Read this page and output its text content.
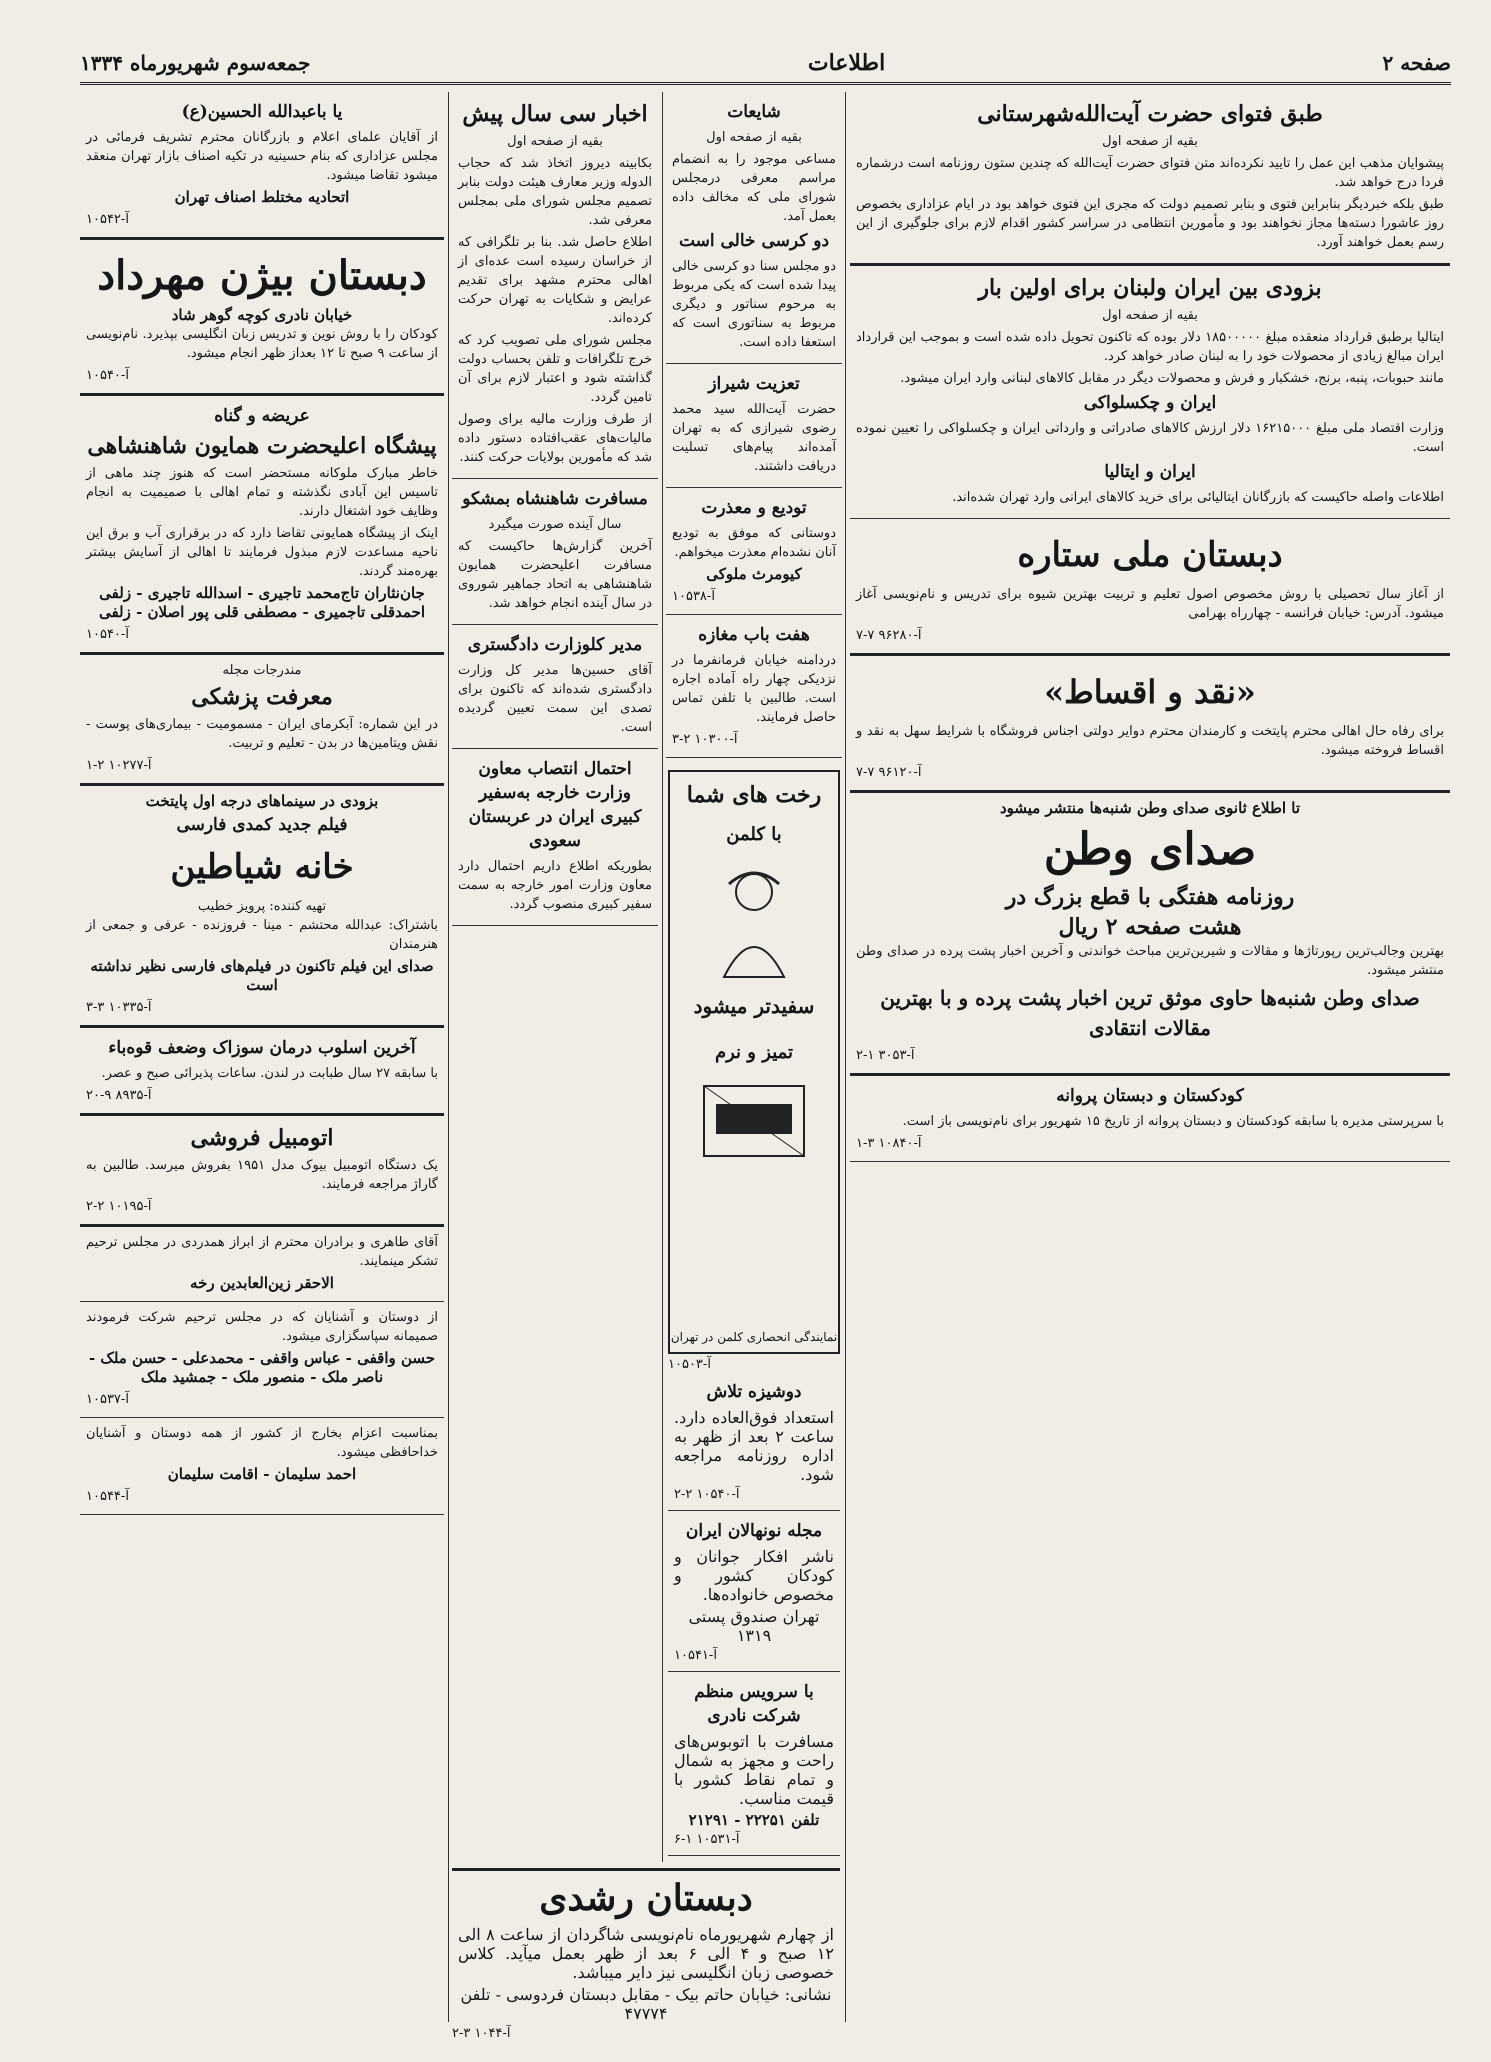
صفحه ۲
اطلاعات
جمعه‌سوم شهریورماه ۱۳۳۴
طبق فتوای حضرت آیت‌الله‌شهرستانی
بقیه از صفحه اول

پیشوایان مذهب این عمل را تایید نکرده‌اند متن فتوای حضرت آیت‌الله که چندین ستون روزنامه است درشماره فردا درج خواهد شد.

طبق بلکه خبردیگر بنابراین فتوی و بنابر تصمیم دولت که مجری این فتوی خواهد بود در ایام عزاداری بخصوص روز عاشورا دسته‌ها مجاز نخواهند بود و مأمورین انتظامی در سراسر کشور اقدام لازم برای جلوگیری از این رسم بعمل خواهند آورد.

بزودی بین ایران ولبنان برای اولین بار
بقیه از صفحه اول

ایتالیا برطبق قرارداد منعقده مبلغ ۱۸۵۰۰۰۰۰ دلار بوده که تاکنون تحویل داده شده است و بموجب این قرارداد ایران مبالغ زیادی از محصولات خود را به لبنان صادر خواهد کرد.

مانند حبوبات، پنبه، برنج، خشکبار و فرش و محصولات دیگر در مقابل کالاهای لبنانی وارد ایران میشود.

ایران و چکسلواکی

وزارت اقتصاد ملی مبلغ ۱۶۲۱۵۰۰۰ دلار ارزش کالاهای صادراتی و وارداتی ایران و چکسلواکی را تعیین نموده است.

ایران و ایتالیا

اطلاعات واصله حاکیست که بازرگانان ایتالیائی برای خرید کالاهای ایرانی وارد تهران شده‌اند.

دبستان ملی ستاره

از آغاز سال تحصیلی با روش مخصوص اصول تعلیم و تربیت بهترین شیوه برای تدریس و نام‌نویسی آغاز میشود. آدرس: خیابان فرانسه - چهارراه بهرامی

آ-۹۶۲۸۰ ۷-۷
«نقد و اقساط»

برای رفاه حال اهالی محترم پایتخت و کارمندان محترم دوایر دولتی اجناس فروشگاه با شرایط سهل به نقد و اقساط فروخته میشود.

آ-۹۶۱۲۰ ۷-۷
تا اطلاع ثانوی صدای وطن شنبه‌ها منتشر میشود
صدای وطن
روزنامه هفتگی با قطع بزرگ در
هشت صفحه ۲ ریال

بهترین وجالب‌ترین رپورتاژها و مقالات و شیرین‌ترین مباحث خواندنی و آخرین اخبار پشت پرده در صدای وطن منتشر میشود.

صدای وطن شنبه‌ها حاوی موثق ترین اخبار پشت پرده و با بهترین مقالات انتقادی
آ-۳۰۵۳ ۱-۲
کودکستان و دبستان پروانه

با سرپرستی مدیره با سابقه کودکستان و دبستان پروانه از تاریخ ۱۵ شهریور برای نام‌نویسی باز است.

آ-۱۰۸۴۰ ۳-۱
شایعات
بقیه از صفحه اول

مساعی موجود را به انضمام مراسم معرفی درمجلس شورای ملی که مخالف داده بعمل آمد.

دو کرسی خالی است

دو مجلس سنا دو کرسی خالی پیدا شده است که یکی مربوط به مرحوم سناتور و دیگری مربوط به سناتوری است که استعفا داده است.

تعزیت شیراز

حضرت آیت‌الله سید محمد رضوی شیرازی که به تهران آمده‌اند پیام‌های تسلیت دریافت داشتند.

تودیع و معذرت

دوستانی که موفق به تودیع آنان نشده‌ام معذرت میخواهم.

کیومرث ملوکی
آ-۱۰۵۳۸
هفت باب مغازه

دردامنه خیابان فرمانفرما در نزدیکی چهار راه آماده اجاره است. طالبین با تلفن تماس حاصل فرمایند.

آ-۱۰۳۰۰ ۲-۳
رخت های شما
با کلمن
سفیدتر میشود
تمیز و نرم
نمایندگی انحصاری کلمن در تهران
آ-۱۰۵۰۳
دوشیزه تلاش

استعداد فوق‌العاده دارد. ساعت ۲ بعد از ظهر به اداره روزنامه مراجعه شود.

آ-۱۰۵۴۰ ۲-۲
مجله نونهالان ایران

ناشر افکار جوانان و کودکان کشور و مخصوص خانواده‌ها.

تهران صندوق پستی ۱۳۱۹
آ-۱۰۵۴۱
با سرویس منظم شرکت نادری

مسافرت با اتوبوس‌های راحت و مجهز به شمال و تمام نقاط کشور با قیمت مناسب.

تلفن ۲۲۲۵۱ - ۲۱۲۹۱
آ-۱۰۵۳۱ ۱-۶
اخبار سی سال پیش
بقیه از صفحه اول

بکابینه دیروز اتخاذ شد که حجاب الدوله وزیر معارف هیئت دولت بنابر تصمیم مجلس شورای ملی بمجلس معرفی شد.

اطلاع حاصل شد. بنا بر تلگرافی که از خراسان رسیده است عده‌ای از اهالی محترم مشهد برای تقدیم عرایض و شکایات به تهران حرکت کرده‌اند.

مجلس شورای ملی تصویب کرد که خرج تلگرافات و تلفن بحساب دولت گذاشته شود و اعتبار لازم برای آن تامین گردد.

از طرف وزارت مالیه برای وصول مالیات‌های عقب‌افتاده دستور داده شد که مأمورین بولایات حرکت کنند.

مسافرت شاهنشاه بمشکو
سال آینده صورت میگیرد

آخرین گزارش‌ها حاکیست که مسافرت اعلیحضرت همایون شاهنشاهی به اتحاد جماهیر شوروی در سال آینده انجام خواهد شد.

مدیر کلوزارت دادگستری

آقای حسین‌ها مدیر کل وزارت دادگستری شده‌اند که تاکنون برای تصدی این سمت تعیین گردیده است.

احتمال انتصاب معاون وزارت خارجه به‌سفیر کبیری ایران در عربستان سعودی

بطوریکه اطلاع داریم احتمال دارد معاون وزارت امور خارجه به سمت سفیر کبیری منصوب گردد.

یا باعبدالله الحسین(ع)

از آقایان علمای اعلام و بازرگانان محترم تشریف فرمائی در مجلس عزاداری که بنام حسینیه در تکیه اصناف بازار تهران منعقد میشود تقاضا میشود.

اتحادیه مختلط اصناف تهران
آ-۱۰۵۴۲
دبستان بیژن مهرداد
خیابان نادری کوچه گوهر شاد

کودکان را با روش نوین و تدریس زبان انگلیسی بپذیرد. نام‌نویسی از ساعت ۹ صبح تا ۱۲ بعداز ظهر انجام میشود.

آ-۱۰۵۴۰
عریضه و گناه
پیشگاه اعلیحضرت همایون شاهنشاهی

خاطر مبارک ملوکانه مستحضر است که هنوز چند ماهی از تاسیس این آبادی نگذشته و تمام اهالی با صمیمیت به انجام وظایف خود اشتغال دارند.

اینک از پیشگاه همایونی تقاضا دارد که در برقراری آب و برق این ناحیه مساعدت لازم مبذول فرمایند تا اهالی از آسایش بیشتر بهره‌مند گردند.

جان‌نثاران تاج‌محمد تاجیری - اسدالله تاجیری - زلفی
احمدقلی تاجمیری - مصطفی قلی پور اصلان - زلفی
آ-۱۰۵۴۰
مندرجات مجله
معرفت پزشکی

در این شماره: آبکرمای ایران - مسمومیت - بیماری‌های پوست - نقش ویتامین‌ها در بدن - تعلیم و تربیت.

آ-۱۰۲۷۷ ۲-۱
بزودی در سینماهای درجه اول پایتخت
فیلم جدید کمدی فارسی
خانه شیاطین
تهیه کننده: پرویز خطیب

باشتراک: عبدالله محتشم - مینا - فروزنده - عرفی و جمعی از هنرمندان

صدای این فیلم تاکنون در فیلم‌های فارسی نظیر نداشته است
آ-۱۰۳۳۵ ۳-۳
آخرین اسلوب درمان سوزاک وضعف قوه‌باء

با سابقه ۲۷ سال طبابت در لندن. ساعات پذیرائی صبح و عصر.

آ-۸۹۳۵ ۹-۲۰
اتومبیل فروشی

یک دستگاه اتومبیل بیوک مدل ۱۹۵۱ بفروش میرسد. طالبین به گاراژ مراجعه فرمایند.

آ-۱۰۱۹۵ ۲-۲

آقای طاهری و برادران محترم از ابراز همدردی در مجلس ترحیم تشکر مینمایند.

الاحقر زین‌العابدین رخه

از دوستان و آشنایان که در مجلس ترحیم شرکت فرمودند صمیمانه سپاسگزاری میشود.

حسن واقفی - عباس واقفی - محمدعلی - حسن ملک - ناصر ملک - منصور ملک - جمشید ملک
آ-۱۰۵۳۷

بمناسبت اعزام بخارج از کشور از همه دوستان و آشنایان خداحافظی میشود.

احمد سلیمان - اقامت سلیمان
آ-۱۰۵۴۴
دبستان رشدی

از چهارم شهریورماه نام‌نویسی شاگردان از ساعت ۸ الی ۱۲ صبح و ۴ الی ۶ بعد از ظهر بعمل میآید. کلاس خصوصی زبان انگلیسی نیز دایر میباشد.

نشانی: خیابان حاتم بیک - مقابل دبستان فردوسی - تلفن ۴۷۷۷۴
آ-۱۰۴۴ ۳-۲
